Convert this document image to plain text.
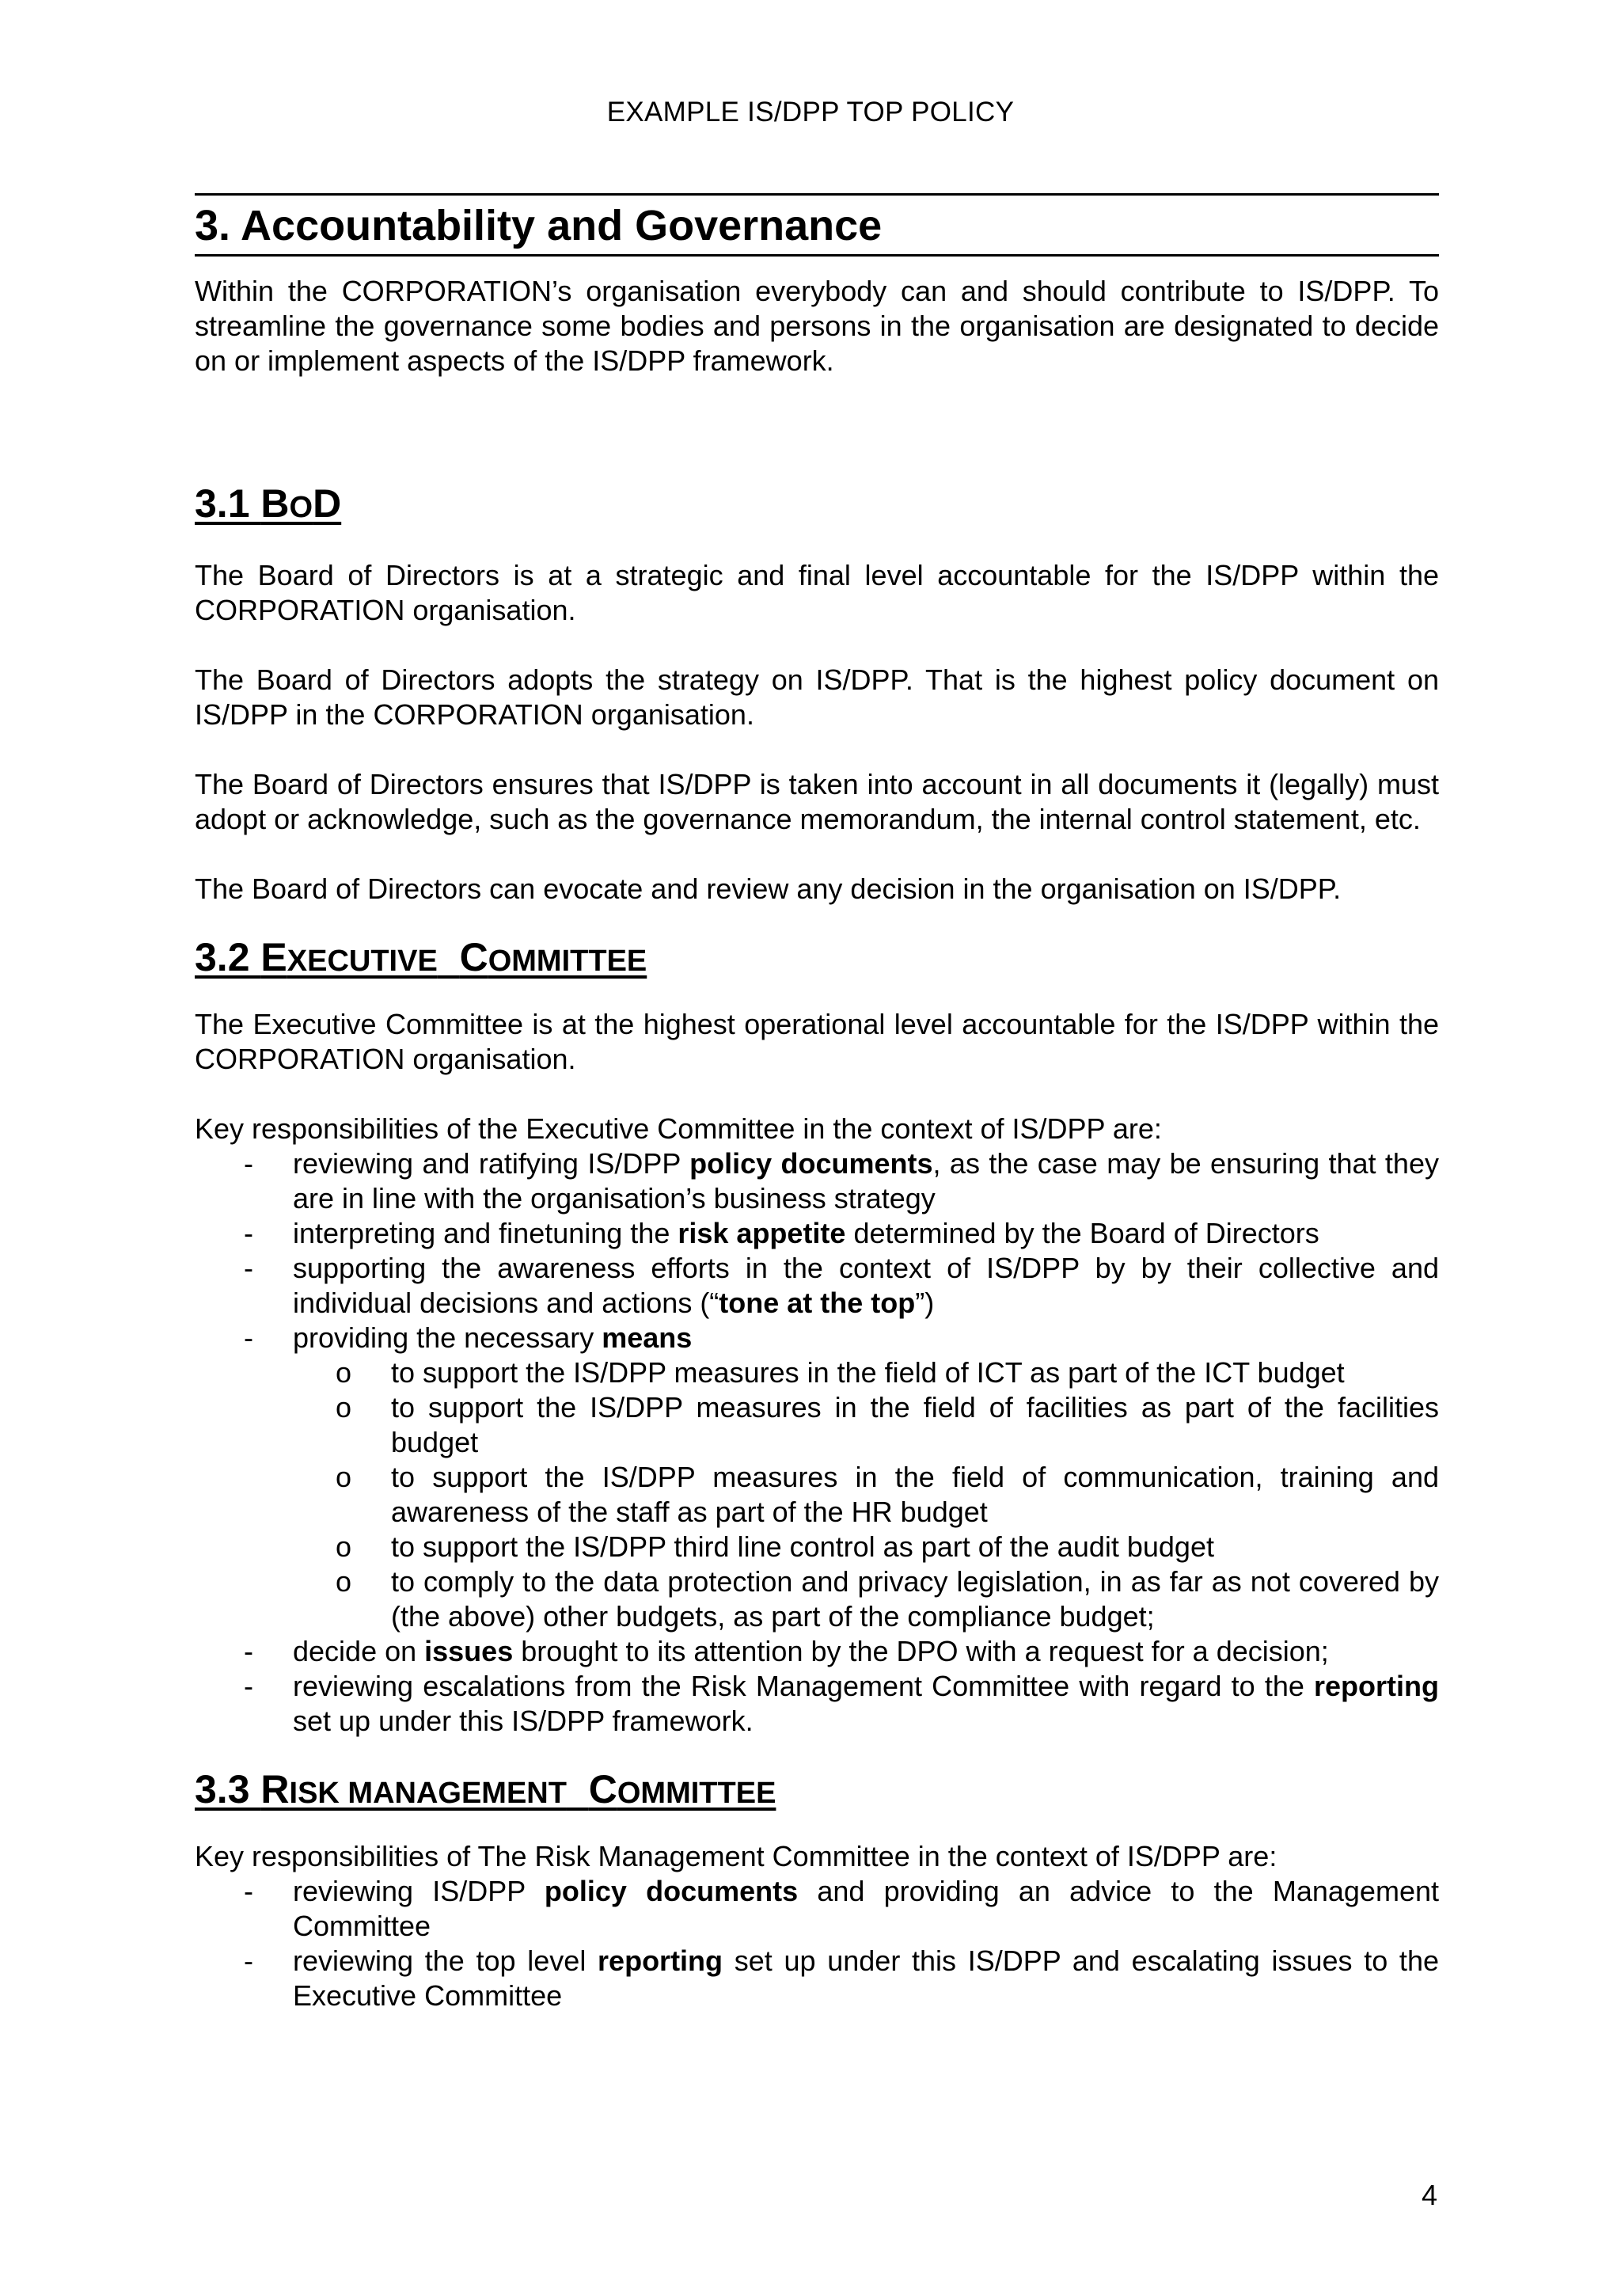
EXAMPLE IS/DPP TOP POLICY
3. Accountability and Governance

Within the CORPORATION’s organisation everybody can and should contribute to IS/DPP. To streamline the governance some bodies and persons in the organisation are designated to decide on or implement aspects of the IS/DPP framework.

3.1 BOD

The Board of Directors is at a strategic and final level accountable for the IS/DPP within the CORPORATION organisation.

The Board of Directors adopts the strategy on IS/DPP. That is the highest policy document on IS/DPP in the CORPORATION organisation.

The Board of Directors ensures that IS/DPP is taken into account in all documents it (legally) must adopt or acknowledge, such as the governance memorandum, the internal control statement, etc.

The Board of Directors can evocate and review any decision in the organisation on IS/DPP.

3.2 EXECUTIVE COMMITTEE

The Executive Committee is at the highest operational level accountable for the IS/DPP within the CORPORATION organisation.

Key responsibilities of the Executive Committee in the context of IS/DPP are:

- reviewing and ratifying IS/DPP policy documents, as the case may be ensuring that they are in line with the organisation’s business strategy
- interpreting and finetuning the risk appetite determined by the Board of Directors
- supporting the awareness efforts in the context of IS/DPP by by their collective and individual decisions and actions (“tone at the top”)
- providing the necessary means
o to support the IS/DPP measures in the field of ICT as part of the ICT budget
o to support the IS/DPP measures in the field of facilities as part of the facilities budget
o to support the IS/DPP measures in the field of communication, training and awareness of the staff as part of the HR budget
o to support the IS/DPP third line control as part of the audit budget
o to comply to the data protection and privacy legislation, in as far as not covered by (the above) other budgets, as part of the compliance budget;
- decide on issues brought to its attention by the DPO with a request for a decision;
- reviewing escalations from the Risk Management Committee with regard to the reporting set up under this IS/DPP framework.
3.3 RISK MANAGEMENT COMMITTEE

Key responsibilities of The Risk Management Committee in the context of IS/DPP are:

- reviewing IS/DPP policy documents and providing an advice to the Management Committee
- reviewing the top level reporting set up under this IS/DPP and escalating issues to the Executive Committee
4
